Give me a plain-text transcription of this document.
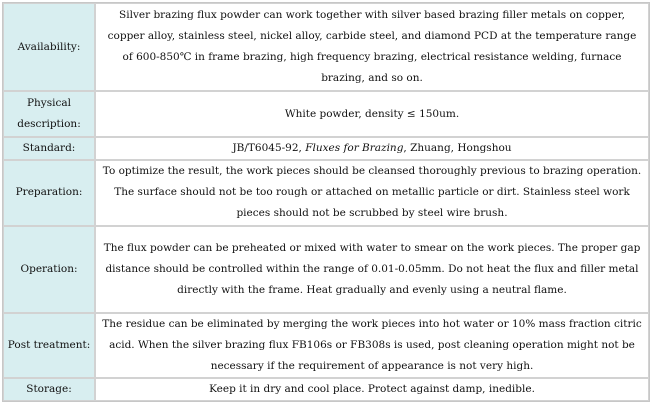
Availability:	Silver brazing flux powder can work together with silver based brazing filler metals on copper, copper alloy, stainless steel, nickel alloy, carbide steel, and diamond PCD at the temperature range of 600-850℃ in frame brazing, high frequency brazing, electrical resistance welding, furnace brazing, and so on.
Physical description:	White powder, density ≤ 150um.
Standard:	JB/T6045-92, Fluxes for Brazing, Zhuang, Hongshou
Preparation:	To optimize the result, the work pieces should be cleansed thoroughly previous to brazing operation. The surface should not be too rough or attached on metallic particle or dirt. Stainless steel work pieces should not be scrubbed by steel wire brush.
Operation:	The flux powder can be preheated or mixed with water to smear on the work pieces. The proper gap distance should be controlled within the range of 0.01-0.05mm. Do not heat the flux and filler metal directly with the frame. Heat gradually and evenly using a neutral flame.
Post treatment:	The residue can be eliminated by merging the work pieces into hot water or 10% mass fraction citric acid. When the silver brazing flux FB106s or FB308s is used, post cleaning operation might not be necessary if the requirement of appearance is not very high.
Storage:	Keep it in dry and cool place. Protect against damp, inedible.
